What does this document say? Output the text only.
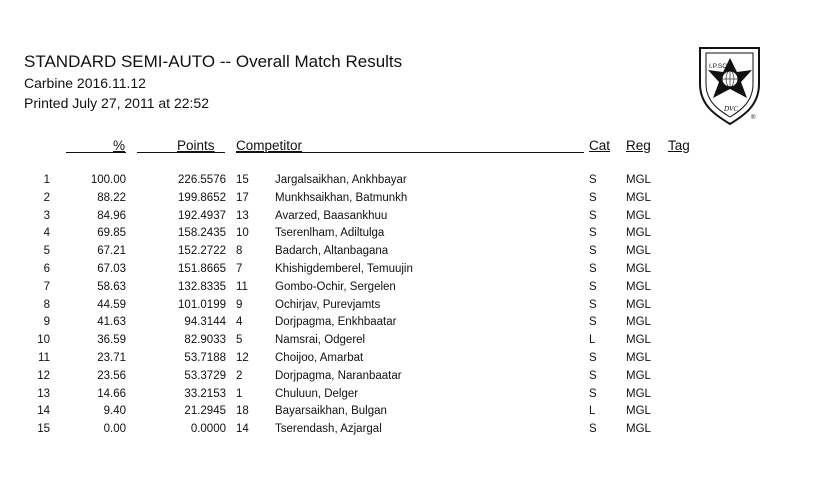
STANDARD SEMI-AUTO -- Overall Match Results
Carbine 2016.11.12
Printed July 27, 2011 at 22:52
I.P.SC.
DVC
®
%	Points Competitor	Cat Reg Tag
1	100.00	226.5576 15 Jargalsaikhan, Ankhbayar	S	MGL
2	88.22	199.8652 17 Munkhsaikhan, Batmunkh	S	MGL
3	84.96	192.4937 13 Avarzed, Baasankhuu	S	MGL
4	69.85	158.2435 10 Tserenlham, Adiltulga	S	MGL
5	67.21	152.2722 8	Badarch, Altanbagana	S	MGL
6	67.03	151.8665 7	Khishigdemberel, Temuujin	S	MGL
7	58.63	132.8335 11 Gombo-Ochir, Sergelen	S	MGL
8	44.59	101.0199 9	Ochirjav, Purevjamts	S	MGL
9	41.63	94.3144 4	Dorjpagma, Enkhbaatar	S	MGL
10	36.59	82.9033 5	Namsrai, Odgerel	L	MGL
11	23.71	53.7188 12 Choijoo, Amarbat	S	MGL
12	23.56	53.3729 2	Dorjpagma, Naranbaatar	S	MGL
13	14.66	33.2153 1	Chuluun, Delger	S	MGL
14	9.40	21.2945 18 Bayarsaikhan, Bulgan	L	MGL
15	0.00	0.0000 14 Tserendash, Azjargal	S	MGL
